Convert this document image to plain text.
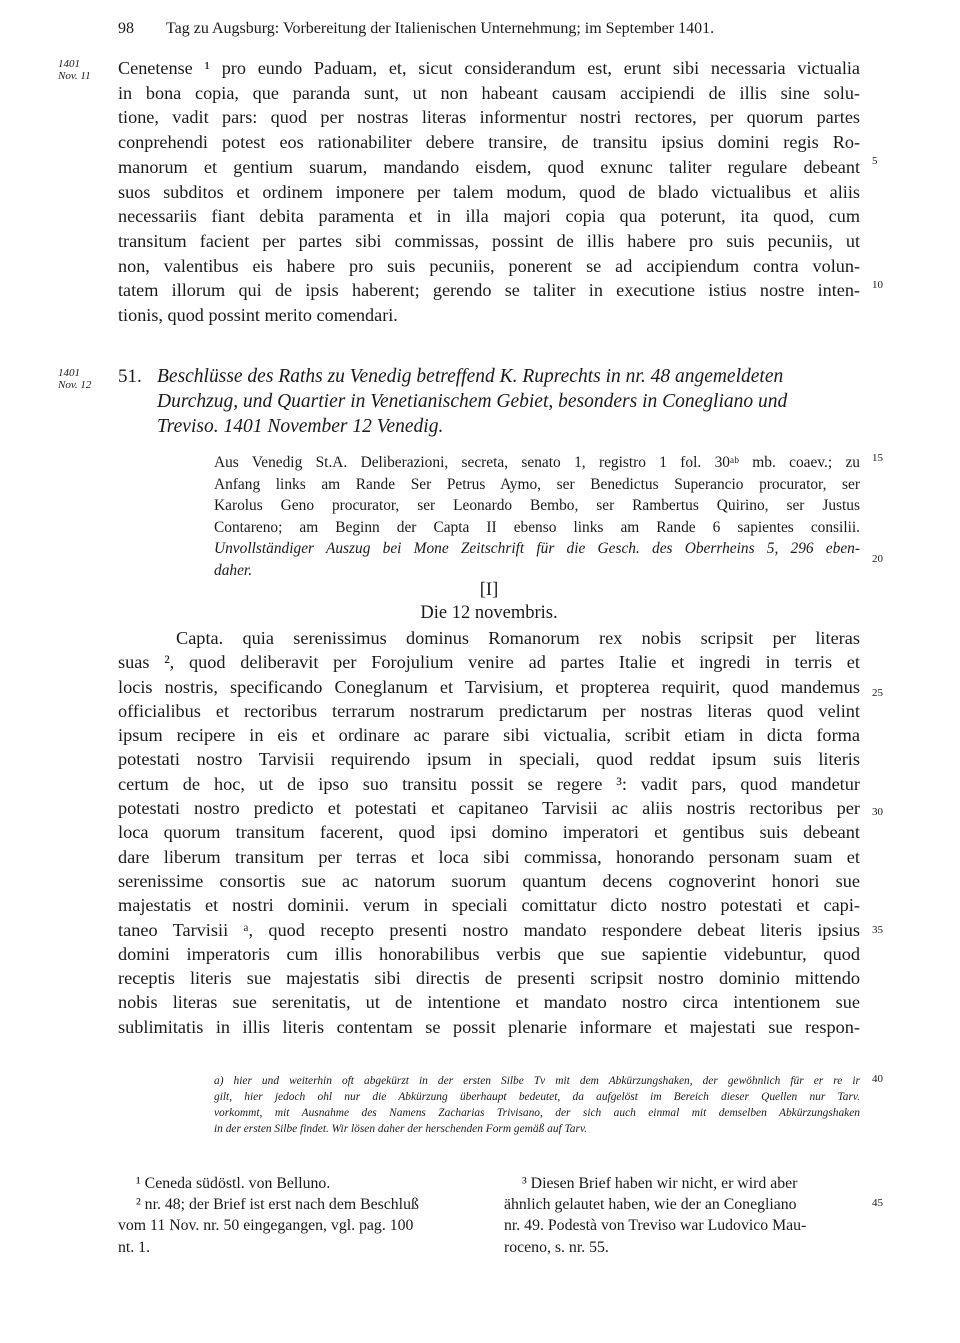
98 Tag zu Augsburg: Vorbereitung der Italienischen Unternehmung; im September 1401.
1401
Nov. 11
1401
Nov. 12
Cenetense ¹ pro eundo Paduam, et, sicut considerandum est, erunt sibi necessaria victualia
in bona copia, que paranda sunt, ut non habeant causam accipiendi de illis sine solu-
tione, vadit pars: quod per nostras literas informentur nostri rectores, per quorum partes
conprehendi potest eos rationabiliter debere transire, de transitu ipsius domini regis Ro-
manorum et gentium suarum, mandando eisdem, quod exnunc taliter regulare debeant
suos subditos et ordinem imponere per talem modum, quod de blado victualibus et aliis
necessariis fiant debita paramenta et in illa majori copia qua poterunt, ita quod, cum
transitum facient per partes sibi commissas, possint de illis habere pro suis pecuniis, ut
non, valentibus eis habere pro suis pecuniis, ponerent se ad accipiendum contra volun-
tatem illorum qui de ipsis haberent; gerendo se taliter in executione istius nostre inten-
tionis, quod possint merito comendari.
51. Beschlüsse des Raths zu Venedig betreffend K. Ruprechts in nr. 48 angemeldeten
Durchzug, und Quartier in Venetianischem Gebiet, besonders in Conegliano und
Treviso. 1401 November 12 Venedig.
Aus Venedig St.A. Deliberazioni, secreta, senato 1, registro 1 fol. 30ᵃᵇ mb. coaev.; zu
Anfang links am Rande Ser Petrus Aymo, ser Benedictus Superancio procurator, ser
Karolus Geno procurator, ser Leonardo Bembo, ser Rambertus Quirino, ser Justus
Contareno; am Beginn der Capta II ebenso links am Rande 6 sapientes consilii.
Unvollständiger Auszug bei Mone Zeitschrift für die Gesch. des Oberrheins 5, 296 eben-
daher.
[I]
Die 12 novembris.
Capta. quia serenissimus dominus Romanorum rex nobis scripsit per literas
suas ², quod deliberavit per Forojulium venire ad partes Italie et ingredi in terris et
locis nostris, specificando Coneglanum et Tarvisium, et propterea requirit, quod mandemus
officialibus et rectoribus terrarum nostrarum predictarum per nostras literas quod velint
ipsum recipere in eis et ordinare ac parare sibi victualia, scribit etiam in dicta forma
potestati nostro Tarvisii requirendo ipsum in speciali, quod reddat ipsum suis literis
certum de hoc, ut de ipso suo transitu possit se regere ³: vadit pars, quod mandetur
potestati nostro predicto et potestati et capitaneo Tarvisii ac aliis nostris rectoribus per
loca quorum transitum facerent, quod ipsi domino imperatori et gentibus suis debeant
dare liberum transitum per terras et loca sibi commissa, honorando personam suam et
serenissime consortis sue ac natorum suorum quantum decens cognoverint honori sue
majestatis et nostri dominii. verum in speciali comittatur dicto nostro potestati et capi-
taneo Tarvisii ᵃ, quod recepto presenti nostro mandato respondere debeat literis ipsius
domini imperatoris cum illis honorabilibus verbis que sue sapientie videbuntur, quod
receptis literis sue majestatis sibi directis de presenti scripsit nostro dominio mittendo
nobis literas sue serenitatis, ut de intentione et mandato nostro circa intentionem sue
sublimitatis in illis literis contentam se possit plenarie informare et majestati sue respon-
a) hier und weiterhin oft abgekürzt in der ersten Silbe Tv mit dem Abkürzungshaken, der gewöhnlich für er re ir
gilt, hier jedoch ohl nur die Abkürzung überhaupt bedeutet, da aufgelöst im Bereich dieser Quellen nur Tarv.
vorkommt, mit Ausnahme des Namens Zacharias Trivisano, der sich auch einmal mit demselben Abkürzungshaken
in der ersten Silbe findet. Wir lösen daher der herschenden Form gemäß auf Tarv.
¹ Ceneda südöstl. von Belluno.
² nr. 48; der Brief ist erst nach dem Beschluß
vom 11 Nov. nr. 50 eingegangen, vgl. pag. 100
nt. 1.
³ Diesen Brief haben wir nicht, er wird aber
ähnlich gelautet haben, wie der an Conegliano
nr. 49. Podestà von Treviso war Ludovico Mau-
roceno, s. nr. 55.
5
10
15
20
25
30
35
40
45
